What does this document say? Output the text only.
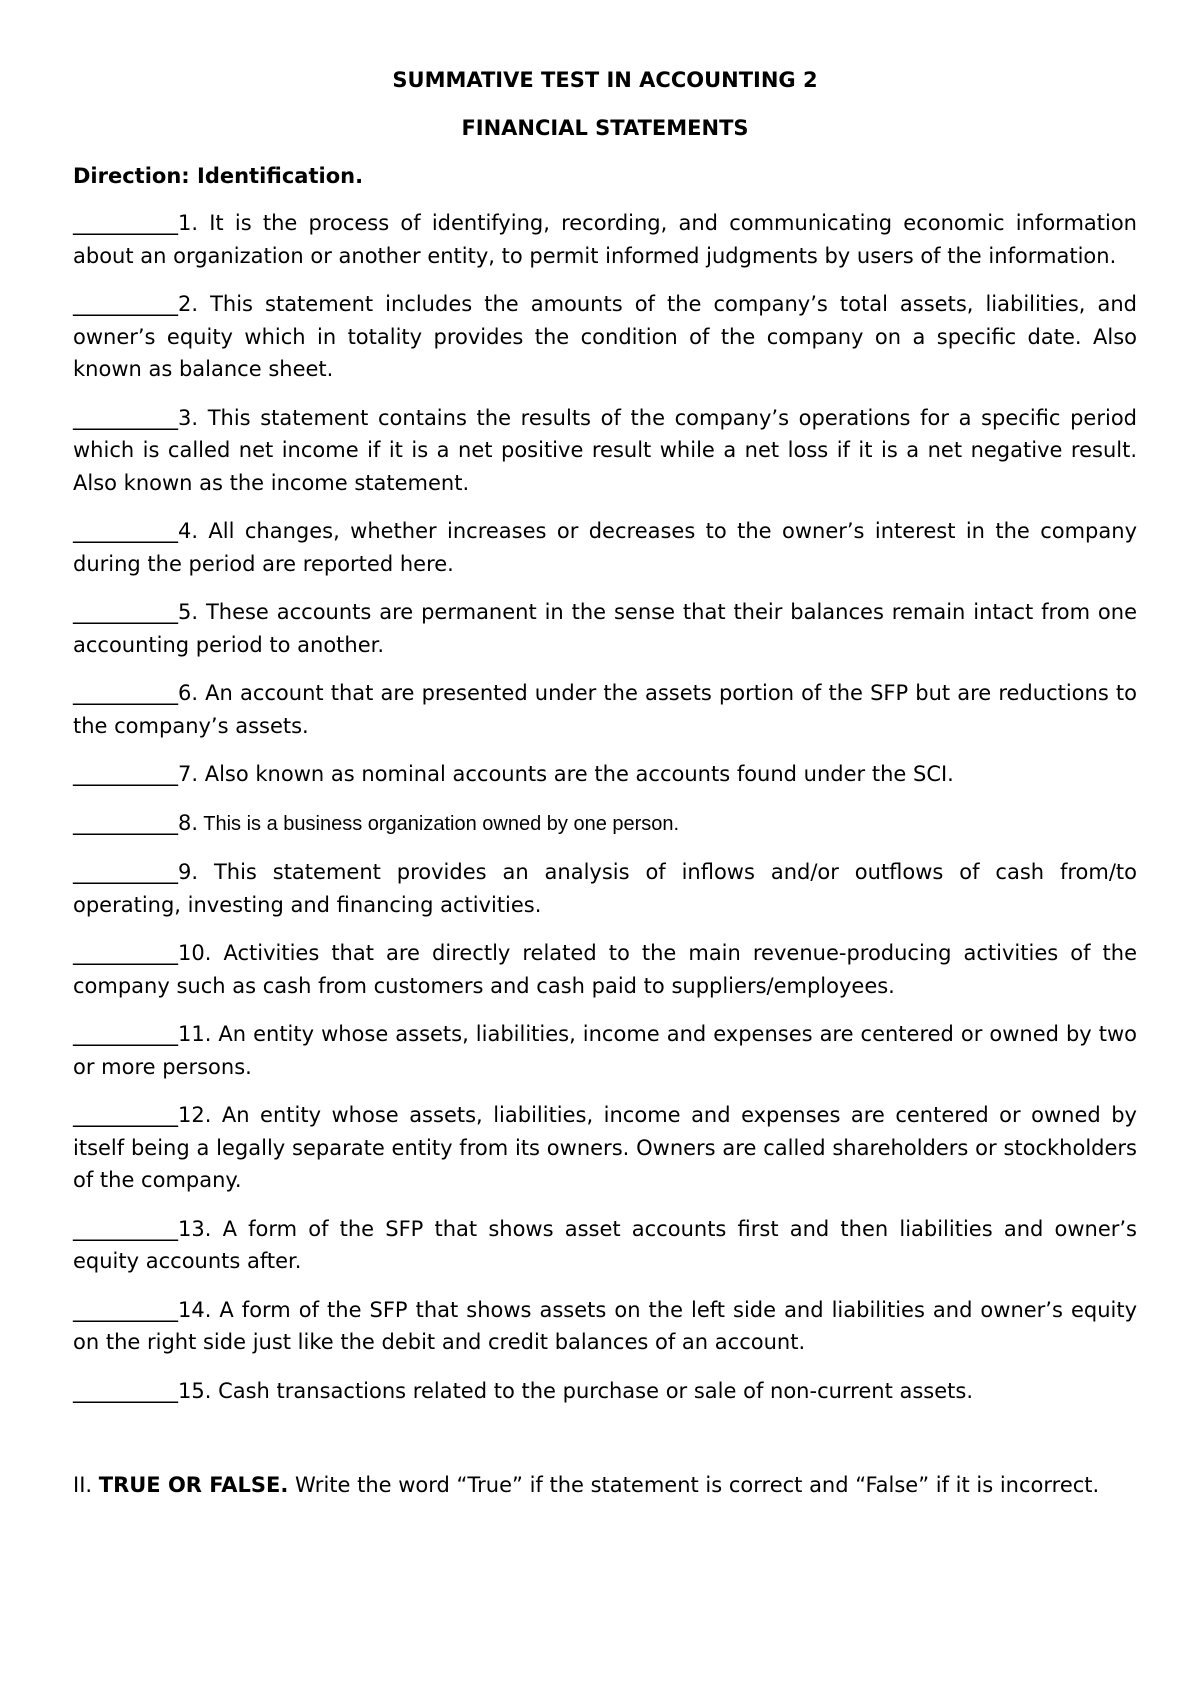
SUMMATIVE TEST IN ACCOUNTING 2

FINANCIAL STATEMENTS

Direction: Identification.

__________1. It is the process of identifying, recording, and communicating economic information about an organization or another entity, to permit informed judgments by users of the information.

__________2. This statement includes the amounts of the company’s total assets, liabilities, and owner’s equity which in totality provides the condition of the company on a specific date. Also known as balance sheet.

__________3. This statement contains the results of the company’s operations for a specific period which is called net income if it is a net positive result while a net loss if it is a net negative result. Also known as the income statement.

__________4. All changes, whether increases or decreases to the owner’s interest in the company during the period are reported here.

__________5. These accounts are permanent in the sense that their balances remain intact from one accounting period to another.

__________6. An account that are presented under the assets portion of the SFP but are reductions to the company’s assets.

__________7. Also known as nominal accounts are the accounts found under the SCI.

__________8. This is a business organization owned by one person.

__________9. This statement provides an analysis of inflows and/or outflows of cash from/to operating, investing and financing activities.

__________10. Activities that are directly related to the main revenue-producing activities of the company such as cash from customers and cash paid to suppliers/employees.

__________11. An entity whose assets, liabilities, income and expenses are centered or owned by two or more persons.

__________12. An entity whose assets, liabilities, income and expenses are centered or owned by itself being a legally separate entity from its owners. Owners are called shareholders or stockholders of the company.

__________13. A form of the SFP that shows asset accounts first and then liabilities and owner’s equity accounts after.

__________14. A form of the SFP that shows assets on the left side and liabilities and owner’s equity on the right side just like the debit and credit balances of an account.

__________15. Cash transactions related to the purchase or sale of non-current assets.

II. TRUE OR FALSE. Write the word “True” if the statement is correct and “False” if it is incorrect.
